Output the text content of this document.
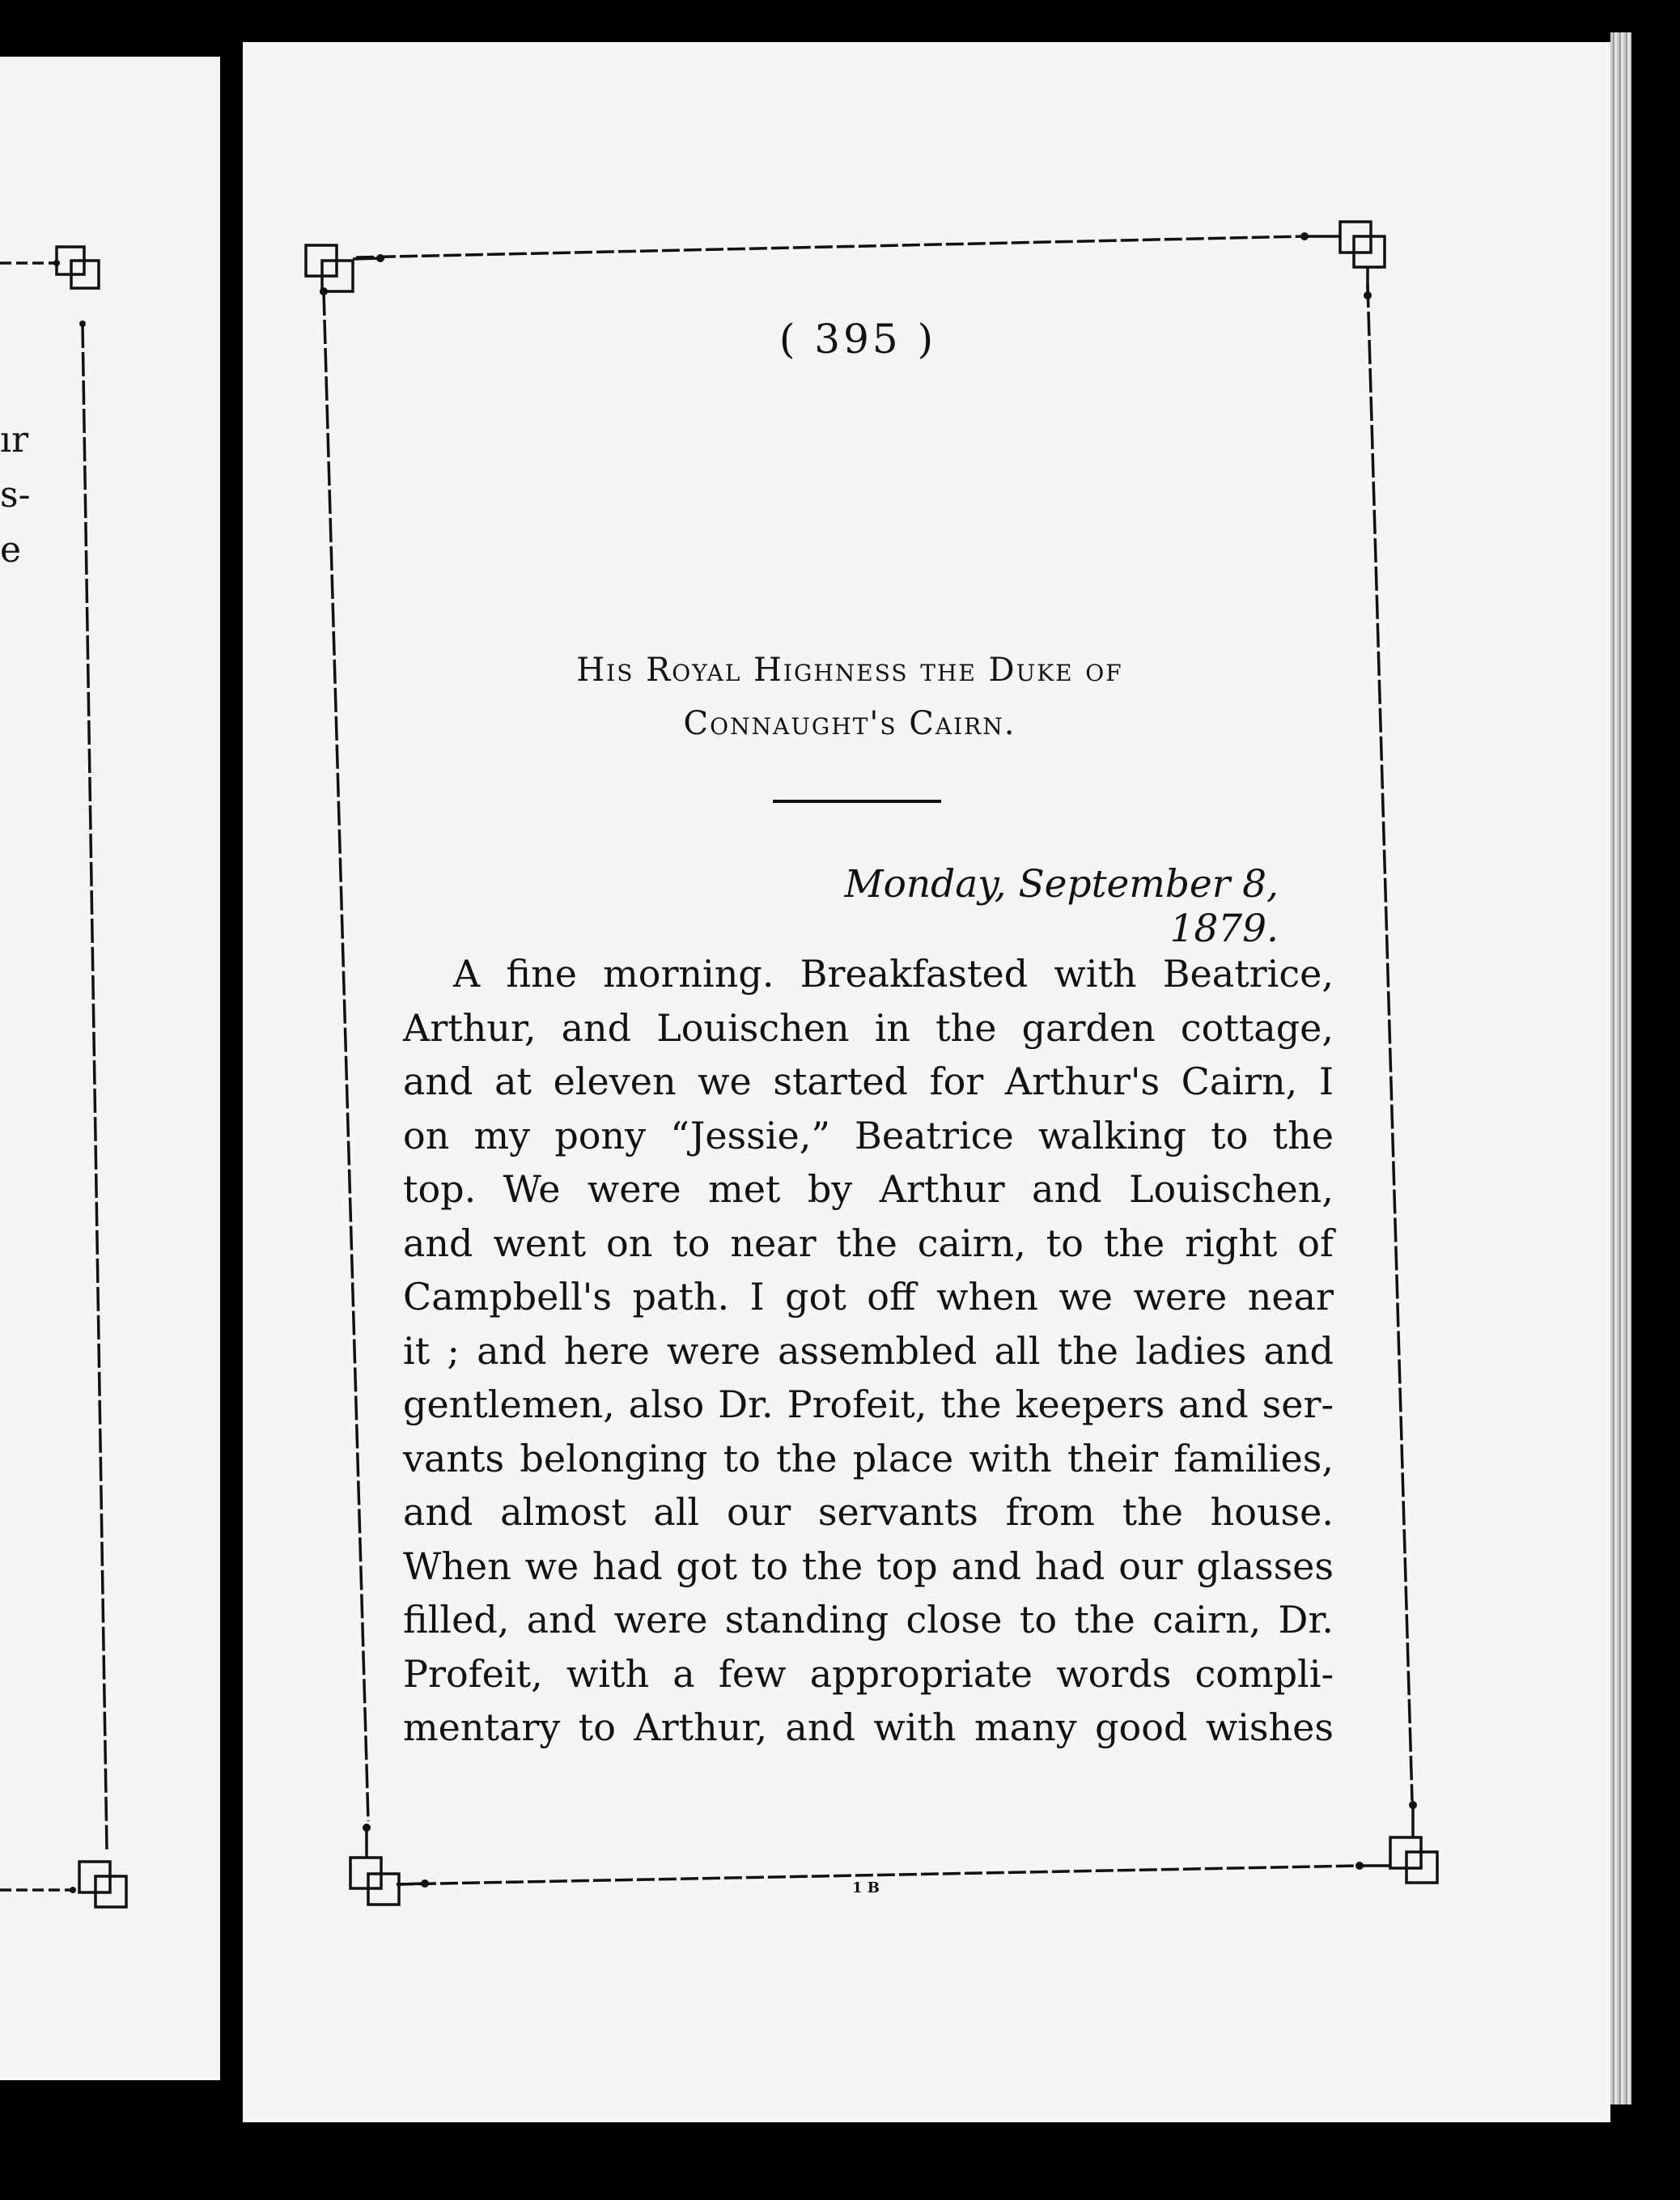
ır
s-
e
( 395 )
His Royal Highness the Duke of
Connaught's Cairn.
Monday, September 8, 1879.
A fine morning. Breakfasted with Beatrice,
Arthur, and Louischen in the garden cottage,
and at eleven we started for Arthur's Cairn, I
on my pony “Jessie,” Beatrice walking to the
top. We were met by Arthur and Louischen,
and went on to near the cairn, to the right of
Campbell's path. I got off when we were near
it ; and here were assembled all the ladies and
gentlemen, also Dr. Profeit, the keepers and ser-
vants belonging to the place with their families,
and almost all our servants from the house.
When we had got to the top and had our glasses
filled, and were standing close to the cairn, Dr.
Profeit, with a few appropriate words compli-
mentary to Arthur, and with many good wishes
1 B
